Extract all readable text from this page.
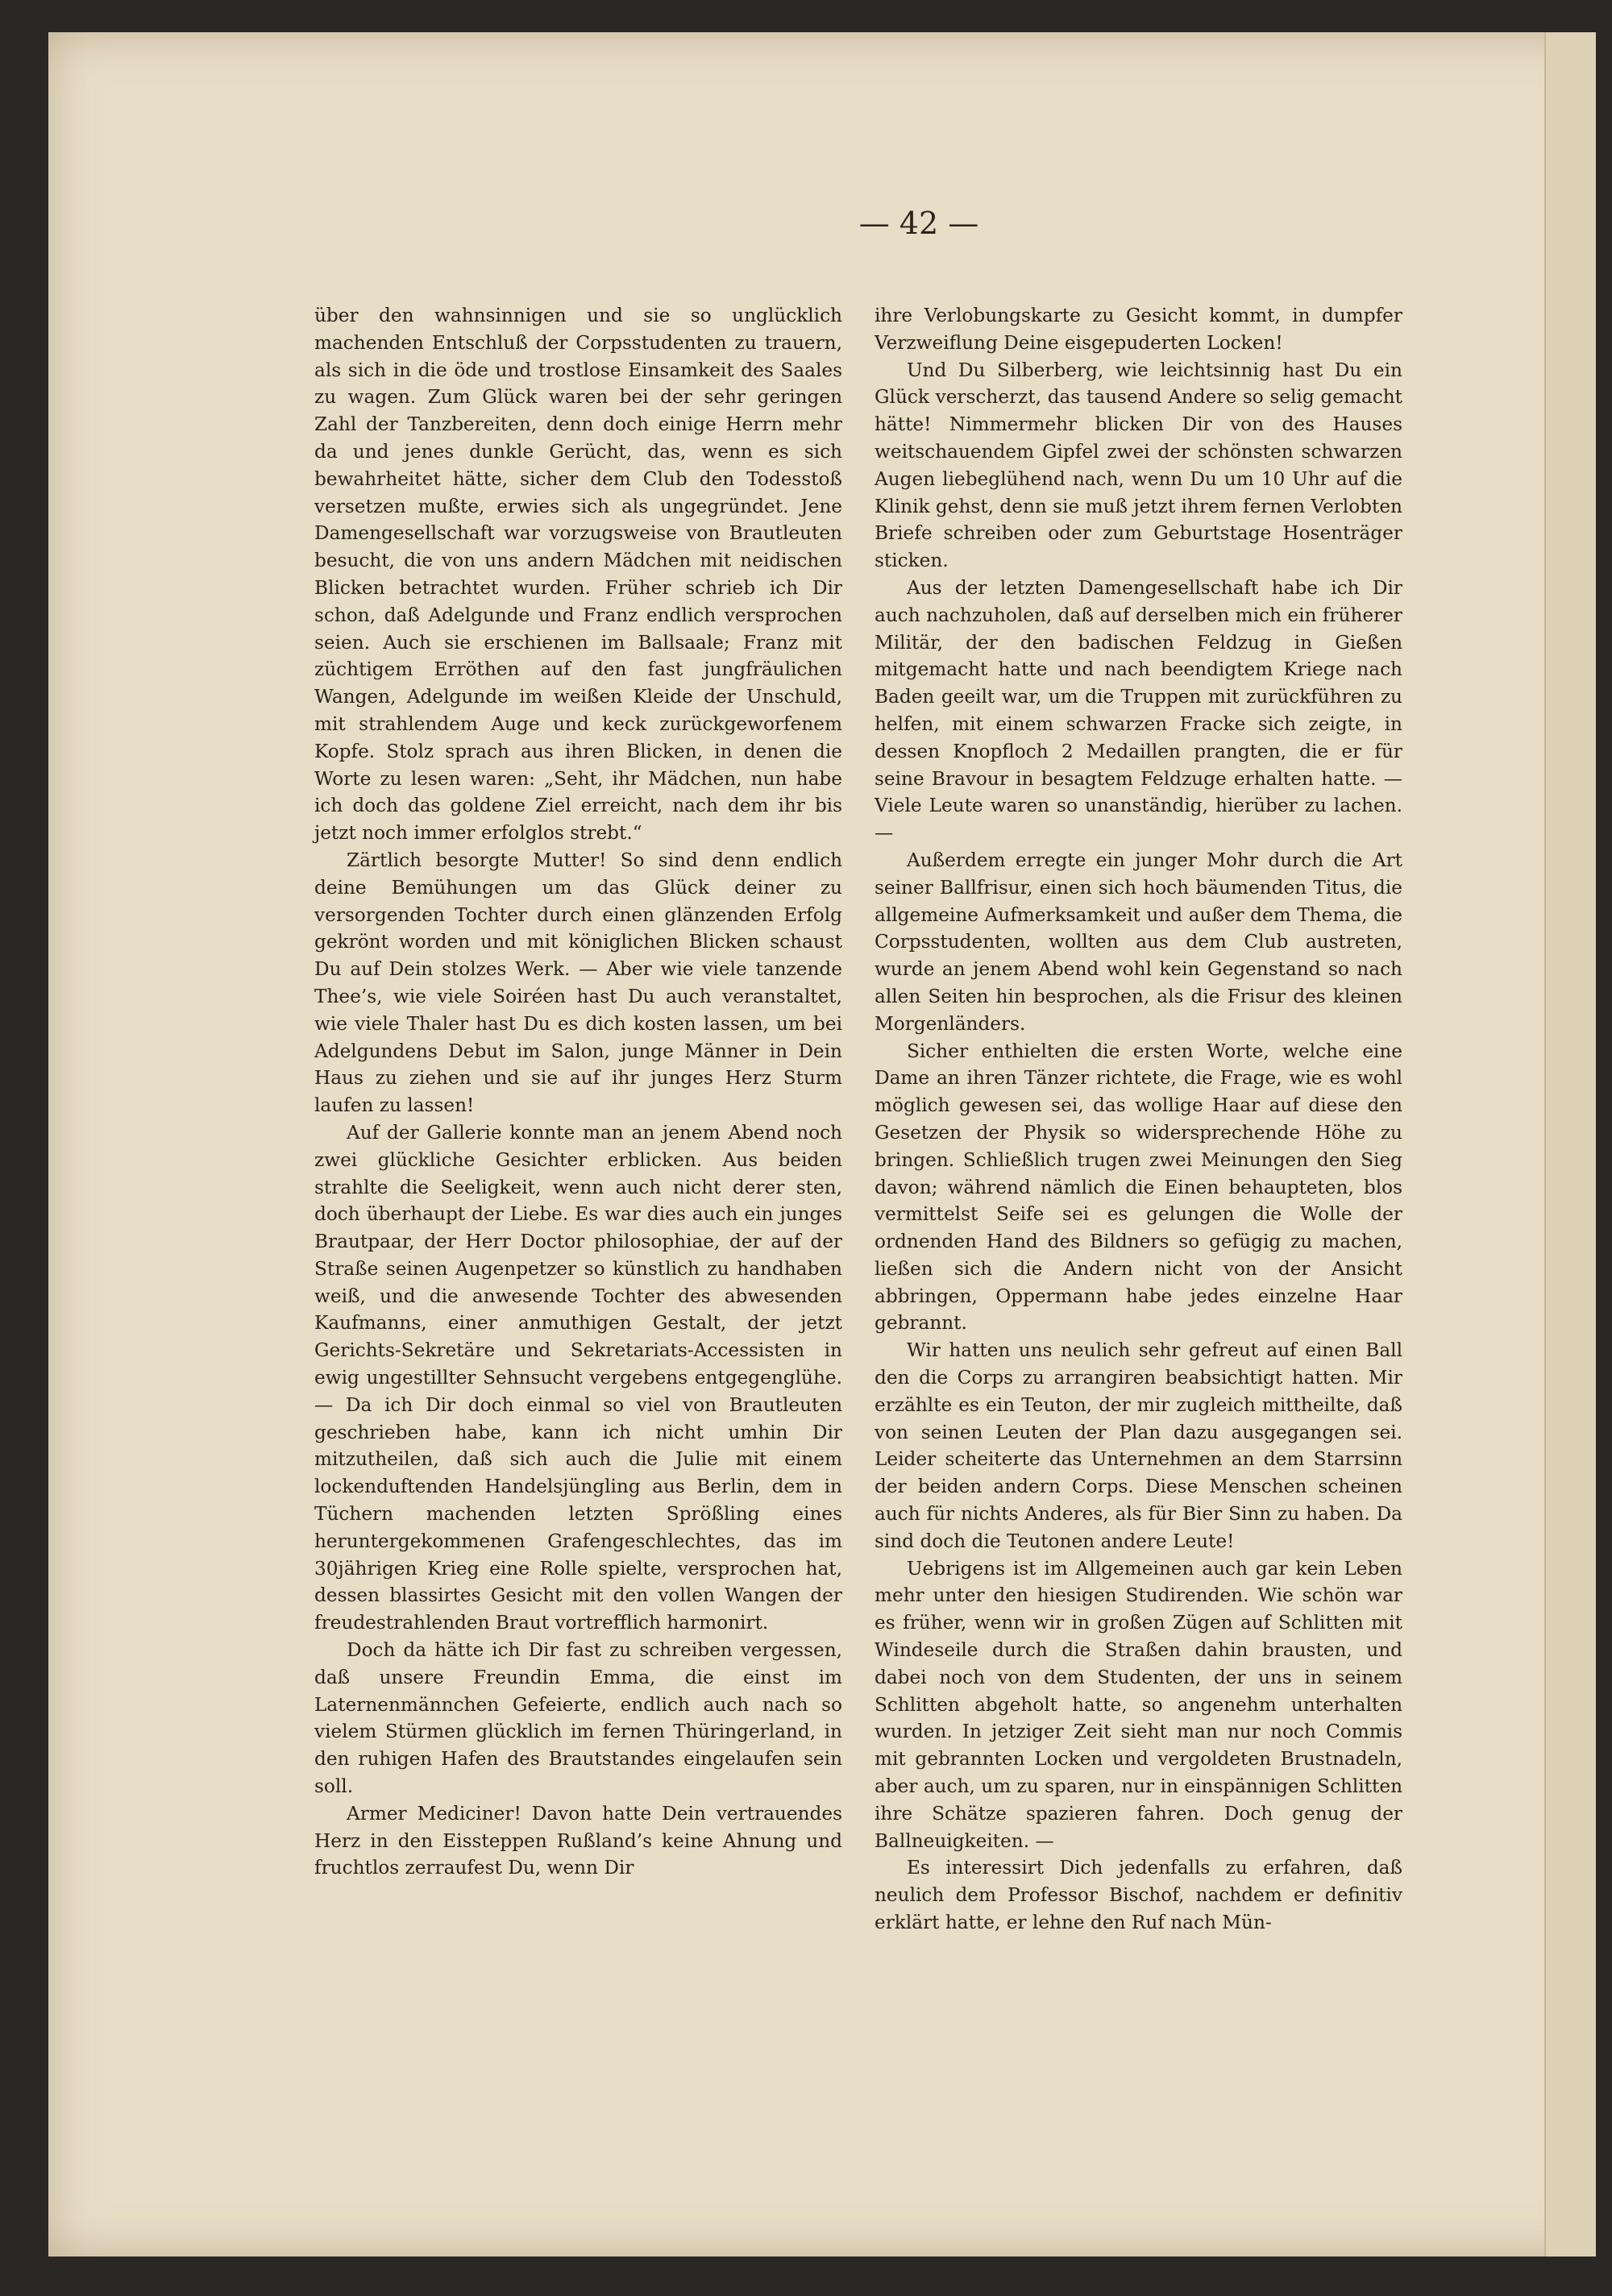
— 42 —

über den wahnsinnigen und sie so unglücklich machenden Entschluß der Corpsstudenten zu trauern, als sich in die öde und trostlose Einsamkeit des Saales zu wagen. Zum Glück waren bei der sehr geringen Zahl der Tanzbereiten, denn doch einige Herrn mehr da und jenes dunkle Gerücht, das, wenn es sich bewahrheitet hätte, sicher dem Club den Todesstoß versetzen mußte, erwies sich als ungegründet. Jene Damengesellschaft war vorzugsweise von Brautleuten besucht, die von uns andern Mädchen mit neidischen Blicken betrachtet wurden. Früher schrieb ich Dir schon, daß Adelgunde und Franz endlich versprochen seien. Auch sie erschienen im Ballsaale; Franz mit züchtigem Erröthen auf den fast jungfräulichen Wangen, Adelgunde im weißen Kleide der Unschuld, mit strahlendem Auge und keck zurückgeworfenem Kopfe. Stolz sprach aus ihren Blicken, in denen die Worte zu lesen waren: „Seht, ihr Mädchen, nun habe ich doch das goldene Ziel erreicht, nach dem ihr bis jetzt noch immer erfolglos strebt.“

Zärtlich besorgte Mutter! So sind denn endlich deine Bemühungen um das Glück deiner zu versorgenden Tochter durch einen glänzenden Erfolg gekrönt worden und mit königlichen Blicken schaust Du auf Dein stolzes Werk. — Aber wie viele tanzende Thee’s, wie viele Soiréen hast Du auch veranstaltet, wie viele Thaler hast Du es dich kosten lassen, um bei Adelgundens Debut im Salon, junge Männer in Dein Haus zu ziehen und sie auf ihr junges Herz Sturm laufen zu lassen!

Auf der Gallerie konnte man an jenem Abend noch zwei glückliche Gesichter erblicken. Aus beiden strahlte die Seeligkeit, wenn auch nicht derer sten, doch überhaupt der Liebe. Es war dies auch ein junges Brautpaar, der Herr Doctor philosophiae, der auf der Straße seinen Augenpetzer so künstlich zu handhaben weiß, und die anwesende Tochter des abwesenden Kaufmanns, einer anmuthigen Gestalt, der jetzt Gerichts-Sekretäre und Sekretariats-Accessisten in ewig ungestillter Sehnsucht vergebens entgegenglühe. — Da ich Dir doch einmal so viel von Brautleuten geschrieben habe, kann ich nicht umhin Dir mitzutheilen, daß sich auch die Julie mit einem lockenduftenden Handelsjüngling aus Berlin, dem in Tüchern machenden letzten Sprößling eines heruntergekommenen Grafengeschlechtes, das im 30jährigen Krieg eine Rolle spielte, versprochen hat, dessen blassirtes Gesicht mit den vollen Wangen der freudestrahlenden Braut vortrefflich harmonirt.

Doch da hätte ich Dir fast zu schreiben vergessen, daß unsere Freundin Emma, die einst im Laternenmännchen Gefeierte, endlich auch nach so vielem Stürmen glücklich im fernen Thüringerland, in den ruhigen Hafen des Brautstandes eingelaufen sein soll.

Armer Mediciner! Davon hatte Dein vertrauendes Herz in den Eissteppen Rußland’s keine Ahnung und fruchtlos zerraufest Du, wenn Dir

ihre Verlobungskarte zu Gesicht kommt, in dumpfer Verzweiflung Deine eisgepuderten Locken!

Und Du Silberberg, wie leichtsinnig hast Du ein Glück verscherzt, das tausend Andere so selig gemacht hätte! Nimmermehr blicken Dir von des Hauses weitschauendem Gipfel zwei der schönsten schwarzen Augen liebeglühend nach, wenn Du um 10 Uhr auf die Klinik gehst, denn sie muß jetzt ihrem fernen Verlobten Briefe schreiben oder zum Geburtstage Hosenträger sticken.

Aus der letzten Damengesellschaft habe ich Dir auch nachzuholen, daß auf derselben mich ein früherer Militär, der den badischen Feldzug in Gießen mitgemacht hatte und nach beendigtem Kriege nach Baden geeilt war, um die Truppen mit zurückführen zu helfen, mit einem schwarzen Fracke sich zeigte, in dessen Knopfloch 2 Medaillen prangten, die er für seine Bravour in besagtem Feldzuge erhalten hatte. — Viele Leute waren so unanständig, hierüber zu lachen. —

Außerdem erregte ein junger Mohr durch die Art seiner Ballfrisur, einen sich hoch bäumenden Titus, die allgemeine Aufmerksamkeit und außer dem Thema, die Corpsstudenten, wollten aus dem Club austreten, wurde an jenem Abend wohl kein Gegenstand so nach allen Seiten hin besprochen, als die Frisur des kleinen Morgenländers.

Sicher enthielten die ersten Worte, welche eine Dame an ihren Tänzer richtete, die Frage, wie es wohl möglich gewesen sei, das wollige Haar auf diese den Gesetzen der Physik so widersprechende Höhe zu bringen. Schließlich trugen zwei Meinungen den Sieg davon; während nämlich die Einen behaupteten, blos vermittelst Seife sei es gelungen die Wolle der ordnenden Hand des Bildners so gefügig zu machen, ließen sich die Andern nicht von der Ansicht abbringen, Oppermann habe jedes einzelne Haar gebrannt.

Wir hatten uns neulich sehr gefreut auf einen Ball den die Corps zu arrangiren beabsichtigt hatten. Mir erzählte es ein Teuton, der mir zugleich mittheilte, daß von seinen Leuten der Plan dazu ausgegangen sei. Leider scheiterte das Unternehmen an dem Starrsinn der beiden andern Corps. Diese Menschen scheinen auch für nichts Anderes, als für Bier Sinn zu haben. Da sind doch die Teutonen andere Leute!

Uebrigens ist im Allgemeinen auch gar kein Leben mehr unter den hiesigen Studirenden. Wie schön war es früher, wenn wir in großen Zügen auf Schlitten mit Windeseile durch die Straßen dahin brausten, und dabei noch von dem Studenten, der uns in seinem Schlitten abgeholt hatte, so angenehm unterhalten wurden. In jetziger Zeit sieht man nur noch Commis mit gebrannten Locken und vergoldeten Brustnadeln, aber auch, um zu sparen, nur in einspännigen Schlitten ihre Schätze spazieren fahren. Doch genug der Ballneuigkeiten. —

Es interessirt Dich jedenfalls zu erfahren, daß neulich dem Professor Bischof, nachdem er definitiv erklärt hatte, er lehne den Ruf nach Mün-
